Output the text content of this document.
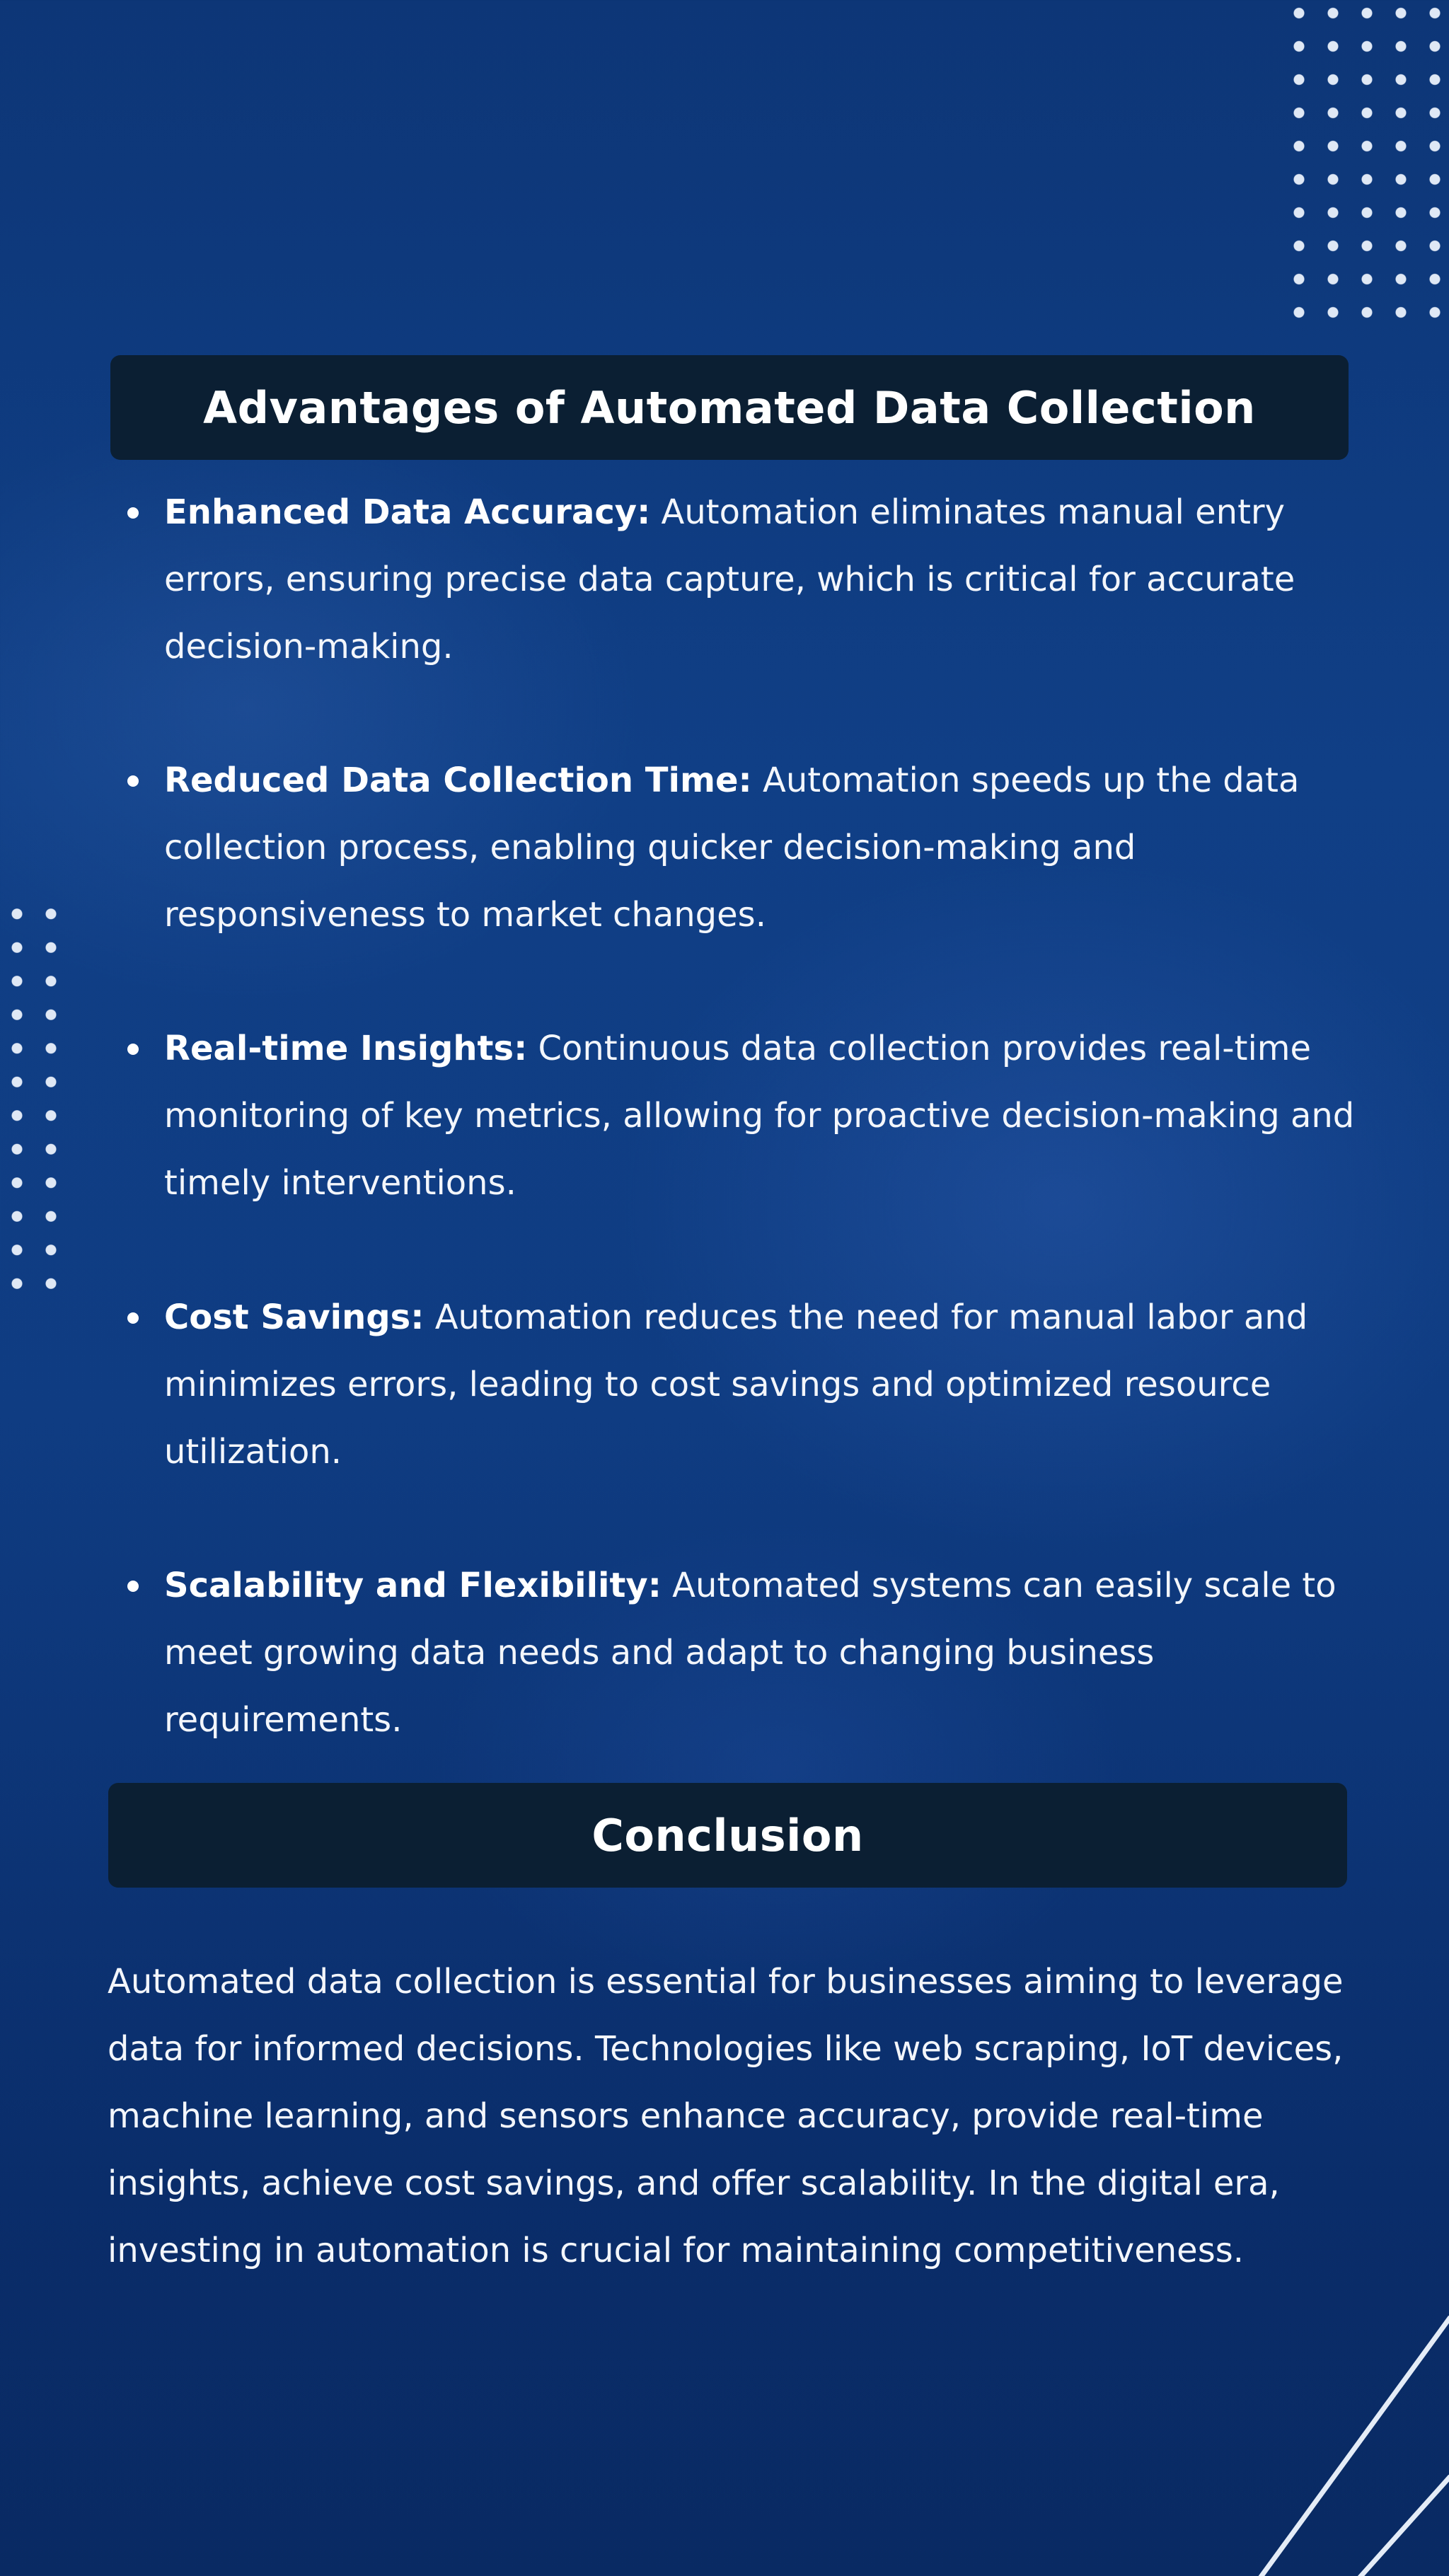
Advantages of Automated Data Collection
Enhanced Data Accuracy: Automation eliminates manual entry errors, ensuring precise data capture, which is critical for accurate decision-making.
Reduced Data Collection Time: Automation speeds up the data collection process, enabling quicker decision-making and responsiveness to market changes.
Real-time Insights: Continuous data collection provides real-time monitoring of key metrics, allowing for proactive decision-making and timely interventions.
Cost Savings: Automation reduces the need for manual labor and minimizes errors, leading to cost savings and optimized resource utilization.
Scalability and Flexibility: Automated systems can easily scale to meet growing data needs and adapt to changing business requirements.
Conclusion

Automated data collection is essential for businesses aiming to leverage data for informed decisions. Technologies like web scraping, IoT devices, machine learning, and sensors enhance accuracy, provide real-time insights, achieve cost savings, and offer scalability. In the digital era, investing in automation is crucial for maintaining competitiveness.
